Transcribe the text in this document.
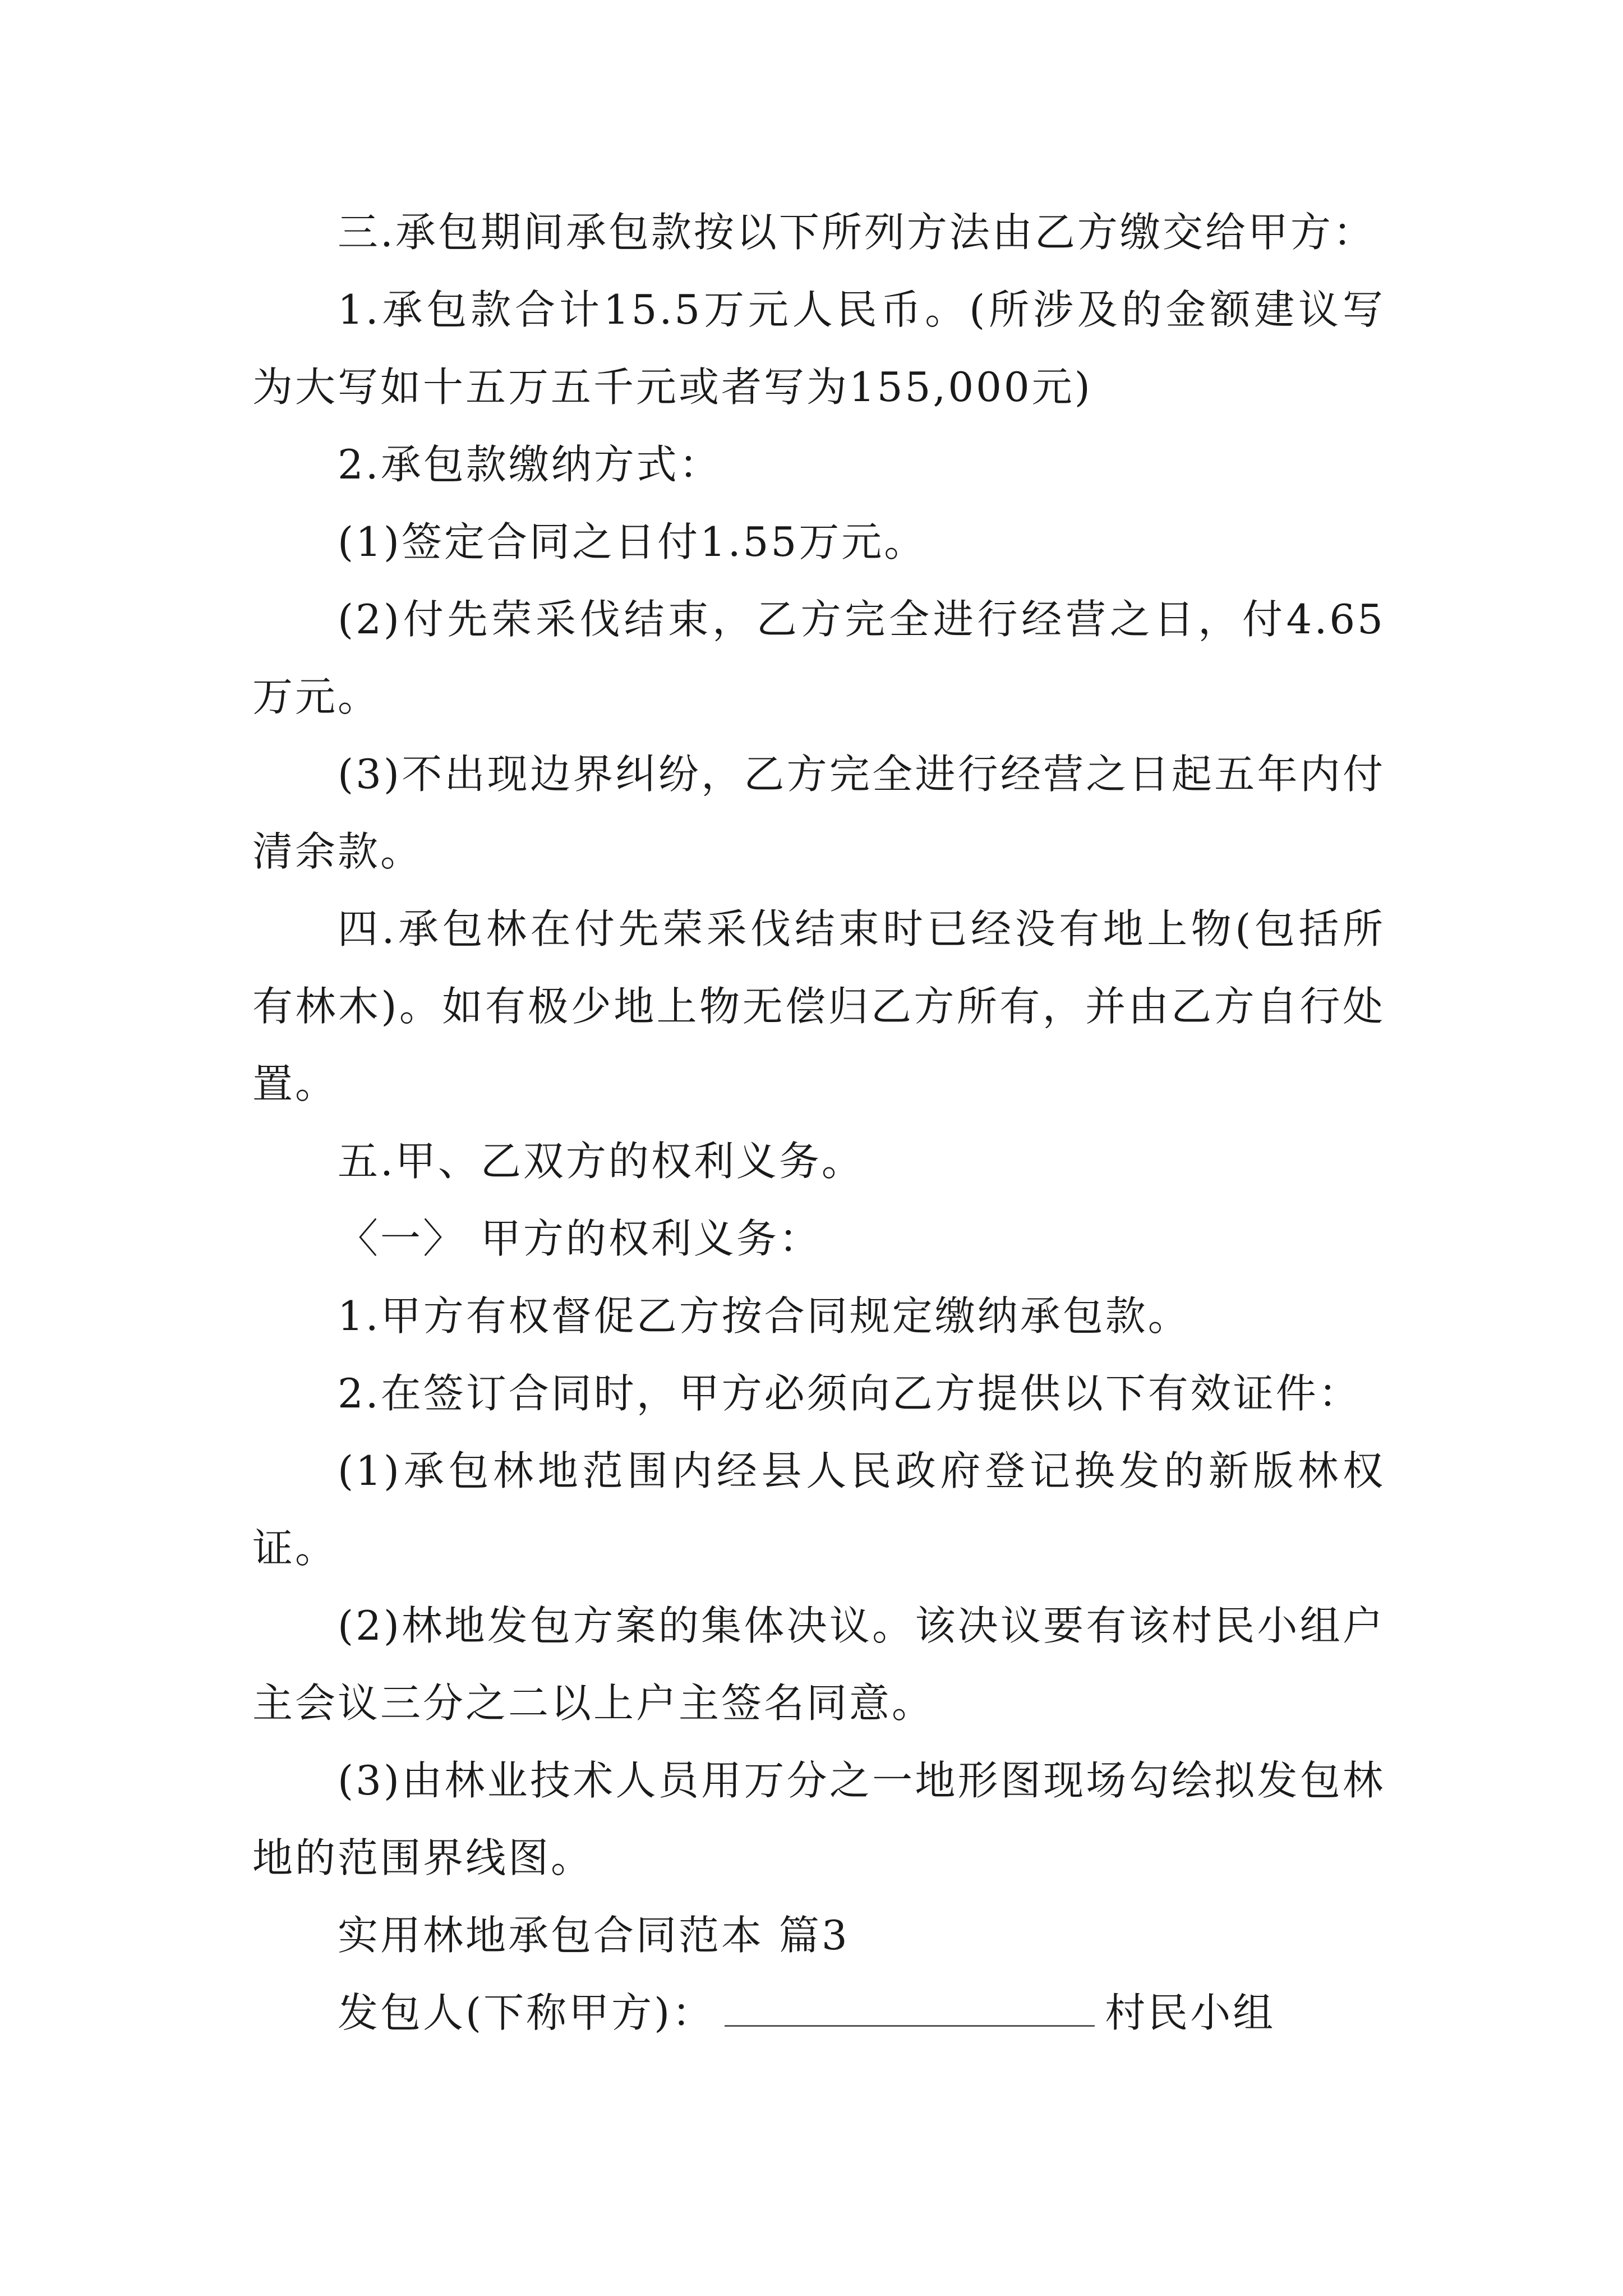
三.承包期间承包款按以下所列方法由乙方缴交给甲方：

1.承包款合计15.5万元人民币。(所涉及的金额建议写为大写如十五万五千元或者写为155,000元)

2.承包款缴纳方式：

(1)签定合同之日付1.55万元。

(2)付先荣采伐结束，乙方完全进行经营之日，付4.65万元。

(3)不出现边界纠纷，乙方完全进行经营之日起五年内付清余款。

四.承包林在付先荣采伐结束时已经没有地上物(包括所有林木)。如有极少地上物无偿归乙方所有，并由乙方自行处置。

五.甲、乙双方的权利义务。

〈一〉 甲方的权利义务：

1.甲方有权督促乙方按合同规定缴纳承包款。

2.在签订合同时，甲方必须向乙方提供以下有效证件：

(1)承包林地范围内经县人民政府登记换发的新版林权证。

(2)林地发包方案的集体决议。该决议要有该村民小组户主会议三分之二以上户主签名同意。

(3)由林业技术人员用万分之一地形图现场勾绘拟发包林地的范围界线图。

实用林地承包合同范本 篇3

发包人(下称甲方)：	村民小组
